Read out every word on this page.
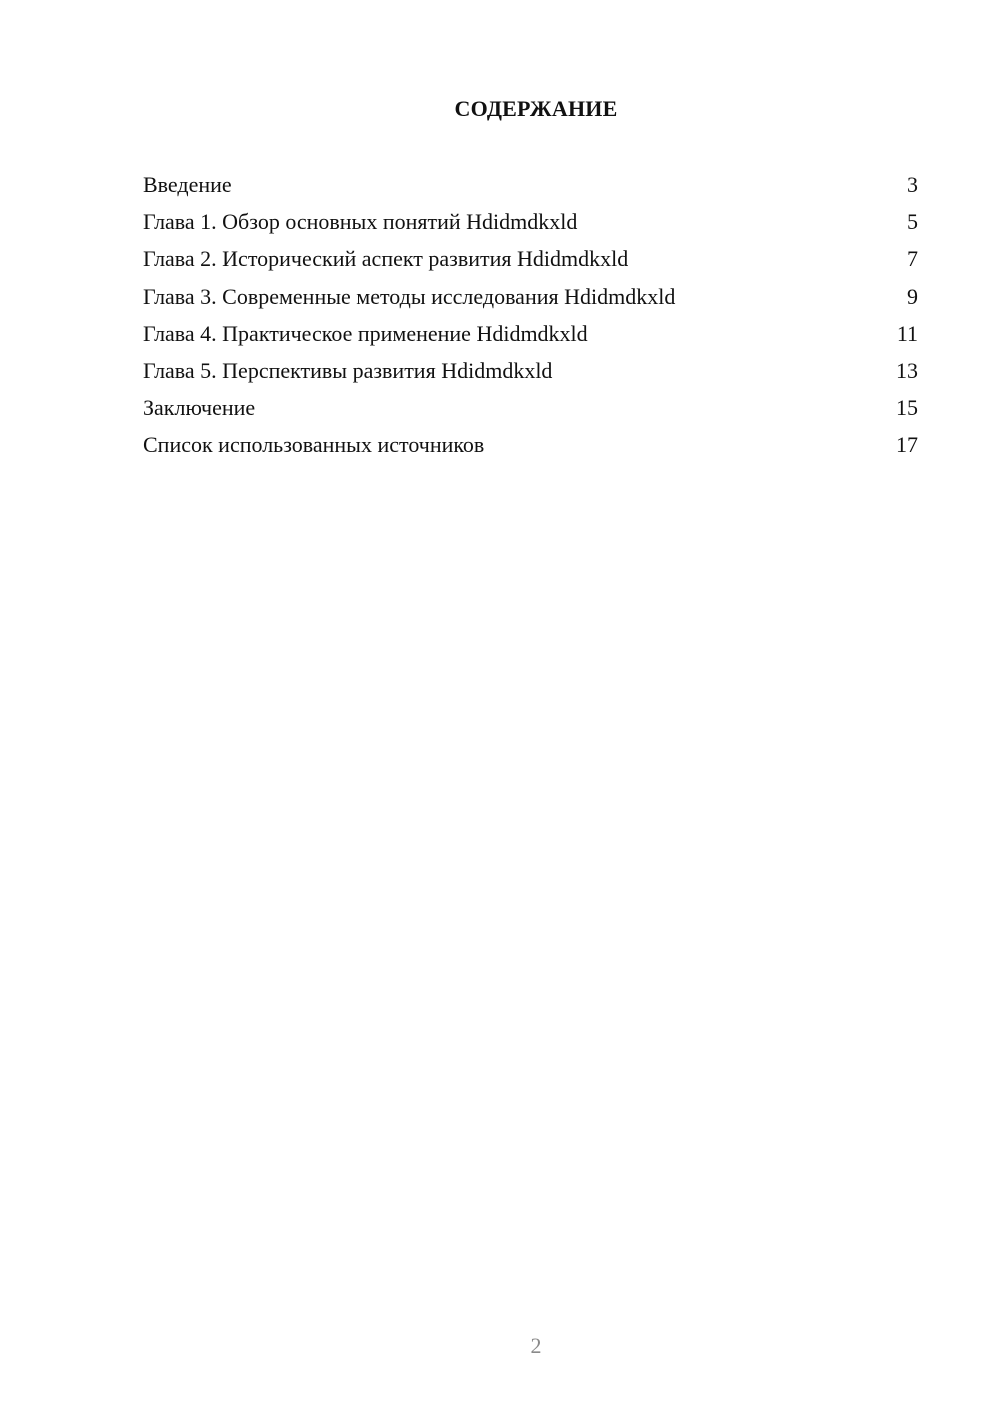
СОДЕРЖАНИЕ
Введение	3
Глава 1. Обзор основных понятий Hdidmdkxld	5
Глава 2. Исторический аспект развития Hdidmdkxld	7
Глава 3. Современные методы исследования Hdidmdkxld	9
Глава 4. Практическое применение Hdidmdkxld	11
Глава 5. Перспективы развития Hdidmdkxld	13
Заключение	15
Список использованных источников	17
2
